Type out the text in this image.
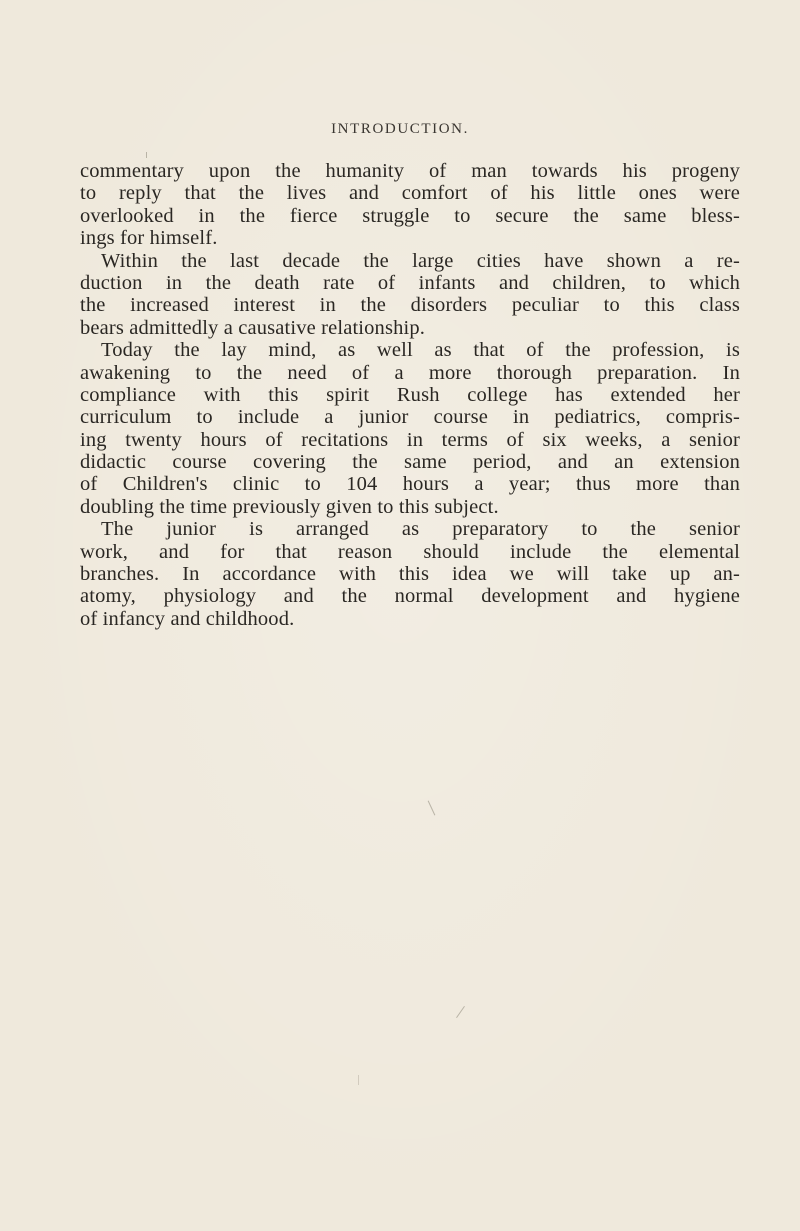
INTRODUCTION.
commentary upon the humanity of man towards his progeny
to reply that the lives and comfort of his little ones were
overlooked in the fierce struggle to secure the same bless-
ings for himself.
Within the last decade the large cities have shown a re-
duction in the death rate of infants and children, to which
the increased interest in the disorders peculiar to this class
bears admittedly a causative relationship.
Today the lay mind, as well as that of the profession, is
awakening to the need of a more thorough preparation. In
compliance with this spirit Rush college has extended her
curriculum to include a junior course in pediatrics, compris-
ing twenty hours of recitations in terms of six weeks, a senior
didactic course covering the same period, and an extension
of Children's clinic to 104 hours a year; thus more than
doubling the time previously given to this subject.
The junior is arranged as preparatory to the senior
work, and for that reason should include the elemental
branches. In accordance with this idea we will take up an-
atomy, physiology and the normal development and hygiene
of infancy and childhood.
